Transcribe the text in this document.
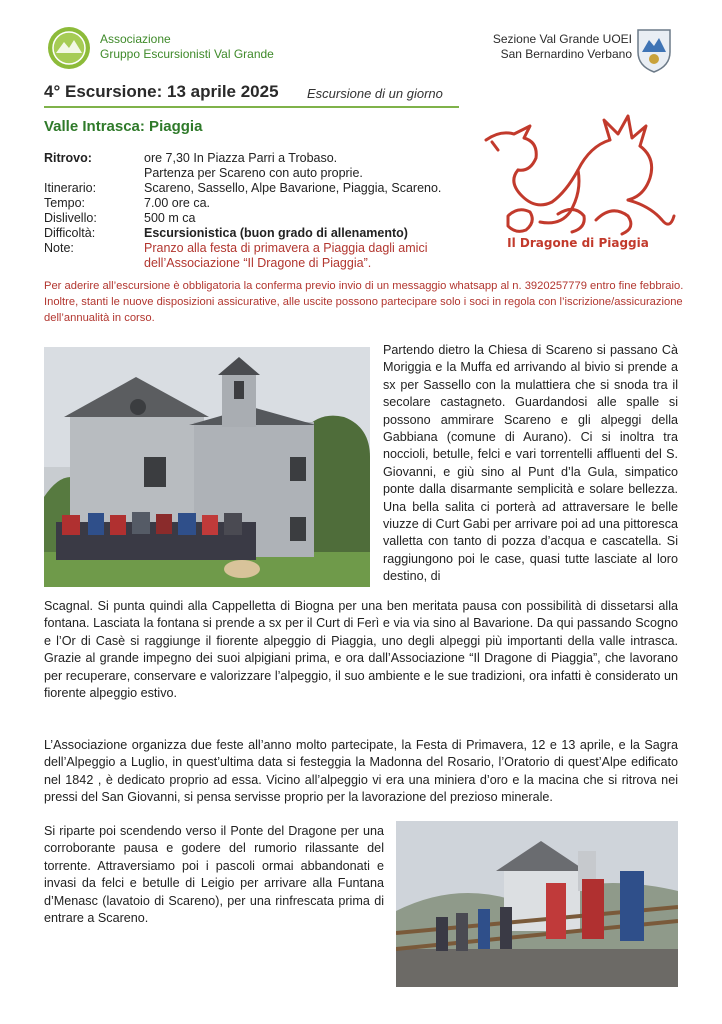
Associazione
Gruppo Escursionisti Val Grande
Sezione Val Grande UOEI
San Bernardino Verbano
4° Escursione: 13 aprile 2025 Escursione di un giorno
Valle Intrasca: Piaggia
Ritrovo:	ore 7,30 In Piazza Parri a Trobaso.
Partenza per Scareno con auto proprie.
Itinerario:	Scareno, Sassello, Alpe Bavarione, Piaggia, Scareno.
Tempo:	7.00 ore ca.
Dislivello:	500 m ca
Difficoltà:	Escursionistica (buon grado di allenamento)
Note:	Pranzo alla festa di primavera a Piaggia dagli amici
dell’Associazione “Il Dragone di Piaggia”.
Per aderire all’escursione è obbligatoria la conferma previo invio di un messaggio whatsapp al n. 3920257779 entro fine febbraio. Inoltre, stanti le nuove disposizioni assicurative, alle uscite possono partecipare solo i soci in regola con l’iscrizione/assicurazione dell’annualità in corso.
Il Dragone di Piaggia
Partendo dietro la Chiesa di Scareno si passano Cà Moriggia e la Muffa ed arrivando al bivio si prende a sx per Sassello con la mulattiera che si snoda tra il secolare castagneto. Guardandosi alle spalle si possono ammirare Scareno e gli alpeggi della Gabbiana (comune di Aurano). Ci si inoltra tra noccioli, betulle, felci e vari torrentelli affluenti del S. Giovanni, e giù sino al Punt d’la Gula, simpatico ponte dalla disarmante semplicità e solare bellezza. Una bella salita ci porterà ad attraversare le belle viuzze di Curt Gabi per arrivare poi ad una pittoresca valletta con tanto di pozza d’acqua e cascatella. Si raggiungono poi le case, quasi tutte lasciate al loro destino, di
Scagnal. Si punta quindi alla Cappelletta di Biogna per una ben meritata pausa con possibilità di dissetarsi alla fontana. Lasciata la fontana si prende a sx per il Curt di Ferì e via via sino al Bavarione. Da qui passando Scogno e l’Or di Casè si raggiunge il fiorente alpeggio di Piaggia, uno degli alpeggi più importanti della valle intrasca. Grazie al grande impegno dei suoi alpigiani prima, e ora dall’Associazione “Il Dragone di Piaggia”, che lavorano per recuperare, conservare e valorizzare l’alpeggio, il suo ambiente e le sue tradizioni, ora infatti è considerato un fiorente alpeggio estivo.
L’Associazione organizza due feste all’anno molto partecipate, la Festa di Primavera, 12 e 13 aprile, e la Sagra dell’Alpeggio a Luglio, in quest’ultima data si festeggia la Madonna del Rosario, l’Oratorio di quest’Alpe edificato nel 1842 , è dedicato proprio ad essa. Vicino all’alpeggio vi era una miniera d’oro e la macina che si ritrova nei pressi del San Giovanni, si pensa servisse proprio per la lavorazione del prezioso minerale.
Si riparte poi scendendo verso il Ponte del Dragone per una corroborante pausa e godere del rumorio rilassante del torrente. Attraversiamo poi i pascoli ormai abbandonati e invasi da felci e betulle di Leigio per arrivare alla Funtana d’Menasc (lavatoio di Scareno), per una rinfrescata prima di entrare a Scareno.
